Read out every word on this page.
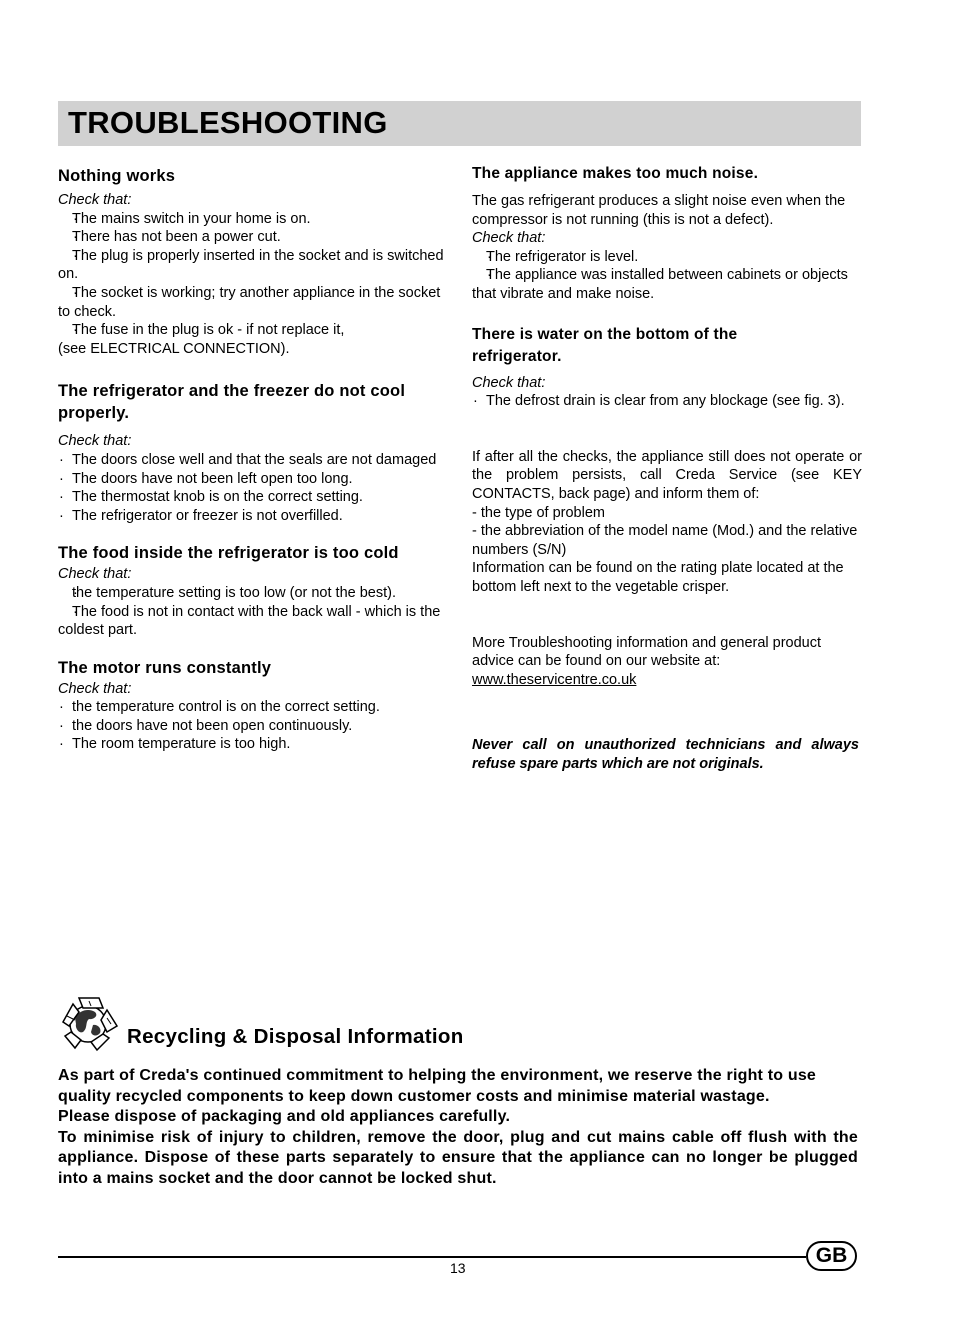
TROUBLESHOOTING
Nothing works
Check that:
· The mains switch in your home is on.
· There has not been a power cut.
· The plug is properly inserted in the socket and is switched on.
· The socket is working; try another appliance in the socket to check.
· The fuse in the plug is ok - if not replace it,

(see ELECTRICAL CONNECTION).

The refrigerator and the freezer do not cool properly.
Check that:
· The doors close well and that the seals are not damaged
· The doors have not been left open too long.
· The thermostat knob is on the correct setting.
· The refrigerator or freezer is not overfilled.
The food inside the refrigerator is too cold
Check that:
· the temperature setting is too low (or not the best).
· The food is not in contact with the back wall - which is the coldest part.
The motor runs constantly
Check that:
· the temperature control is on the correct setting.
· the doors have not been open continuously.
· The room temperature is too high.
The appliance makes too much noise.

The gas refrigerant produces a slight noise even when the compressor is not running (this is not a defect).

Check that:
· The refrigerator is level.
· The appliance was installed between cabinets or objects that vibrate and make noise.
There is water on the bottom of the refrigerator.
Check that:
· The defrost drain is clear from any blockage (see fig. 3).

If after all the checks, the appliance still does not operate or the problem persists, call Creda Service (see KEY CONTACTS, back page) and inform them of:

- the type of problem

- the abbreviation of the model name (Mod.) and the relative numbers (S/N)

Information can be found on the rating plate located at the bottom left next to the vegetable crisper.

More Troubleshooting information and general product advice can be found on our website at:

www.theservicentre.co.uk

Never call on unauthorized technicians and always refuse spare parts which are not originals.

Recycling & Disposal Information

As part of Creda's continued commitment to helping the environment, we reserve the right to use quality recycled components to keep down customer costs and minimise material wastage.

Please dispose of packaging and old appliances carefully.

To minimise risk of injury to children, remove the door, plug and cut mains cable off flush with the appliance. Dispose of these parts separately to ensure that the appliance can no longer be plugged into a mains socket and the door cannot be locked shut.

13
GB
